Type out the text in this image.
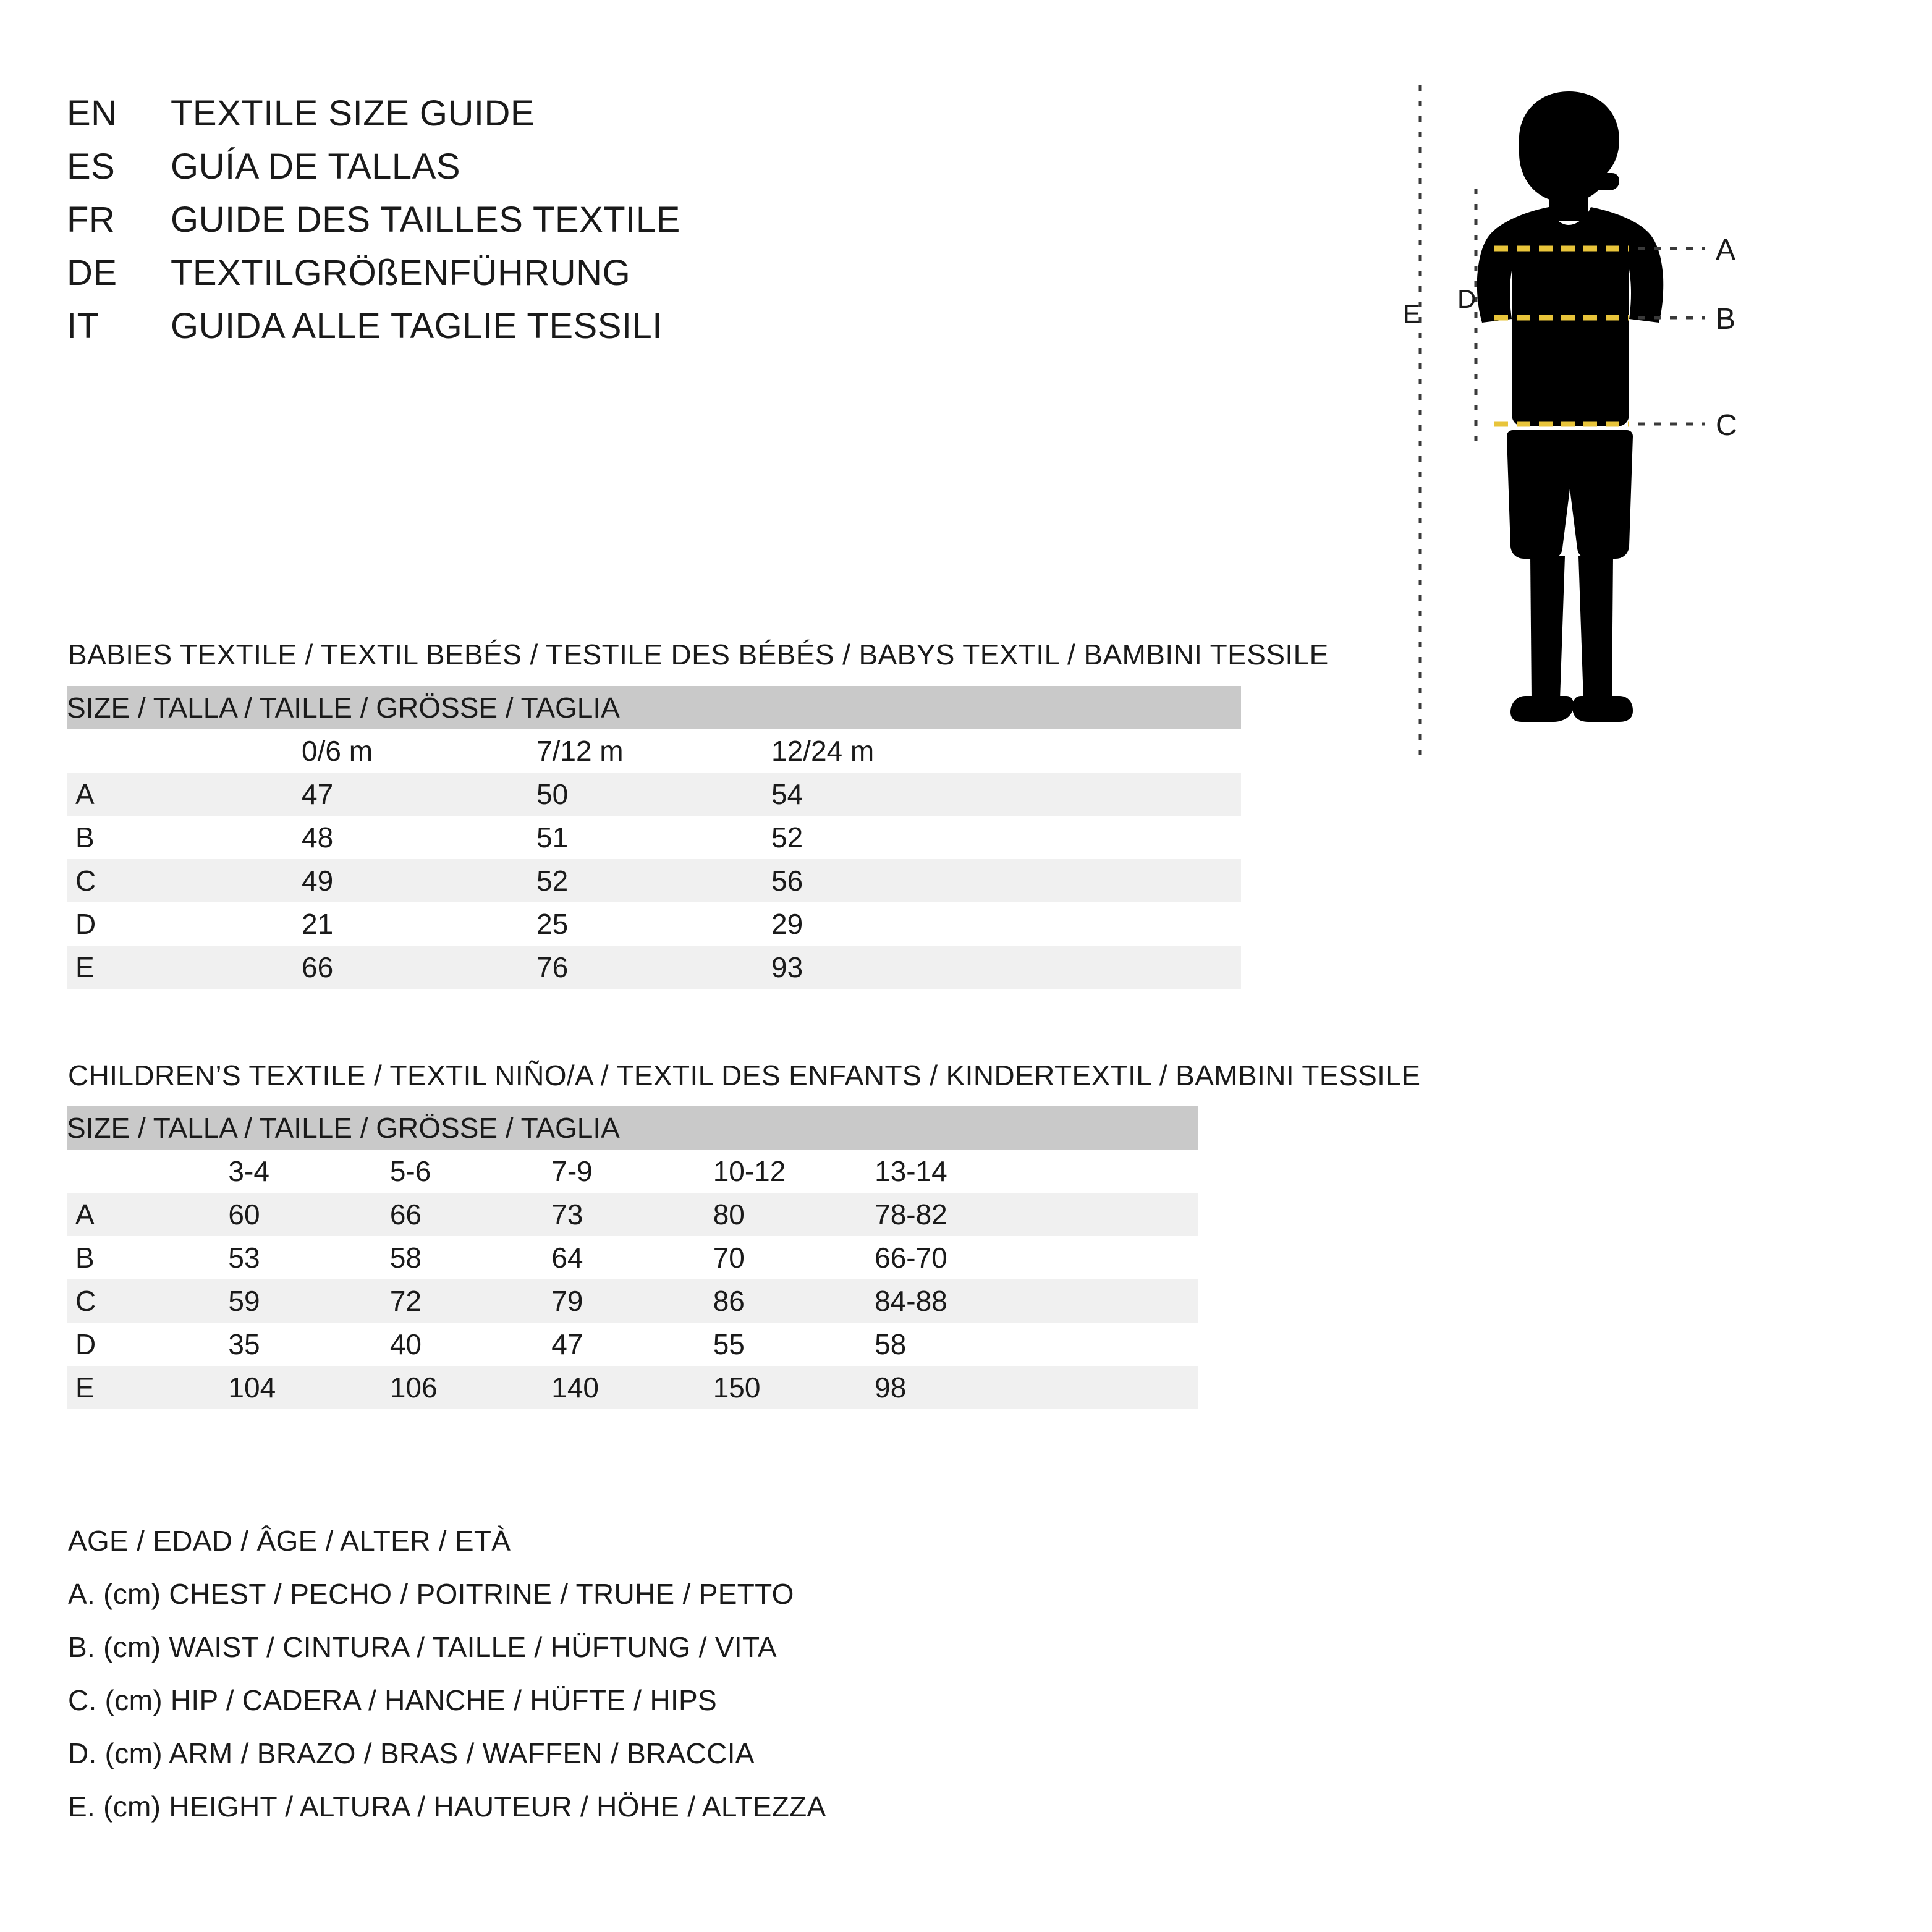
EN	TEXTILE SIZE GUIDE
ES	GUÍA DE TALLAS
FR	GUIDE DES TAILLES TEXTILE
DE	TEXTILGRÖßENFÜHRUNG
IT	GUIDA ALLE TAGLIE TESSILI
A
B
C
D
E
BABIES TEXTILE / TEXTIL BEBÉS / TESTILE DES BÉBÉS / BABYS TEXTIL / BAMBINI TESSILE
SIZE / TALLA / TAILLE / GRÖSSE / TAGLIA				
	0/6 m	7/12 m	12/24 m	
A	47	50	54	
B	48	51	52	
C	49	52	56	
D	21	25	29	
E	66	76	93	
CHILDREN’S TEXTILE / TEXTIL NIÑO/A / TEXTIL DES ENFANTS / KINDERTEXTIL / BAMBINI TESSILE
SIZE / TALLA / TAILLE / GRÖSSE / TAGLIA						
	3-4	5-6	7-9	10-12	13-14	
A	60	66	73	80	78-82	
B	53	58	64	70	66-70	
C	59	72	79	86	84-88	
D	35	40	47	55	58	
E	104	106	140	150	98	
AGE / EDAD / ÂGE / ALTER / ETÀ
A. (cm) CHEST / PECHO / POITRINE / TRUHE / PETTO
B. (cm) WAIST / CINTURA / TAILLE / HÜFTUNG / VITA
C. (cm) HIP / CADERA / HANCHE / HÜFTE / HIPS
D. (cm) ARM / BRAZO / BRAS / WAFFEN / BRACCIA
E. (cm) HEIGHT / ALTURA / HAUTEUR / HÖHE / ALTEZZA
